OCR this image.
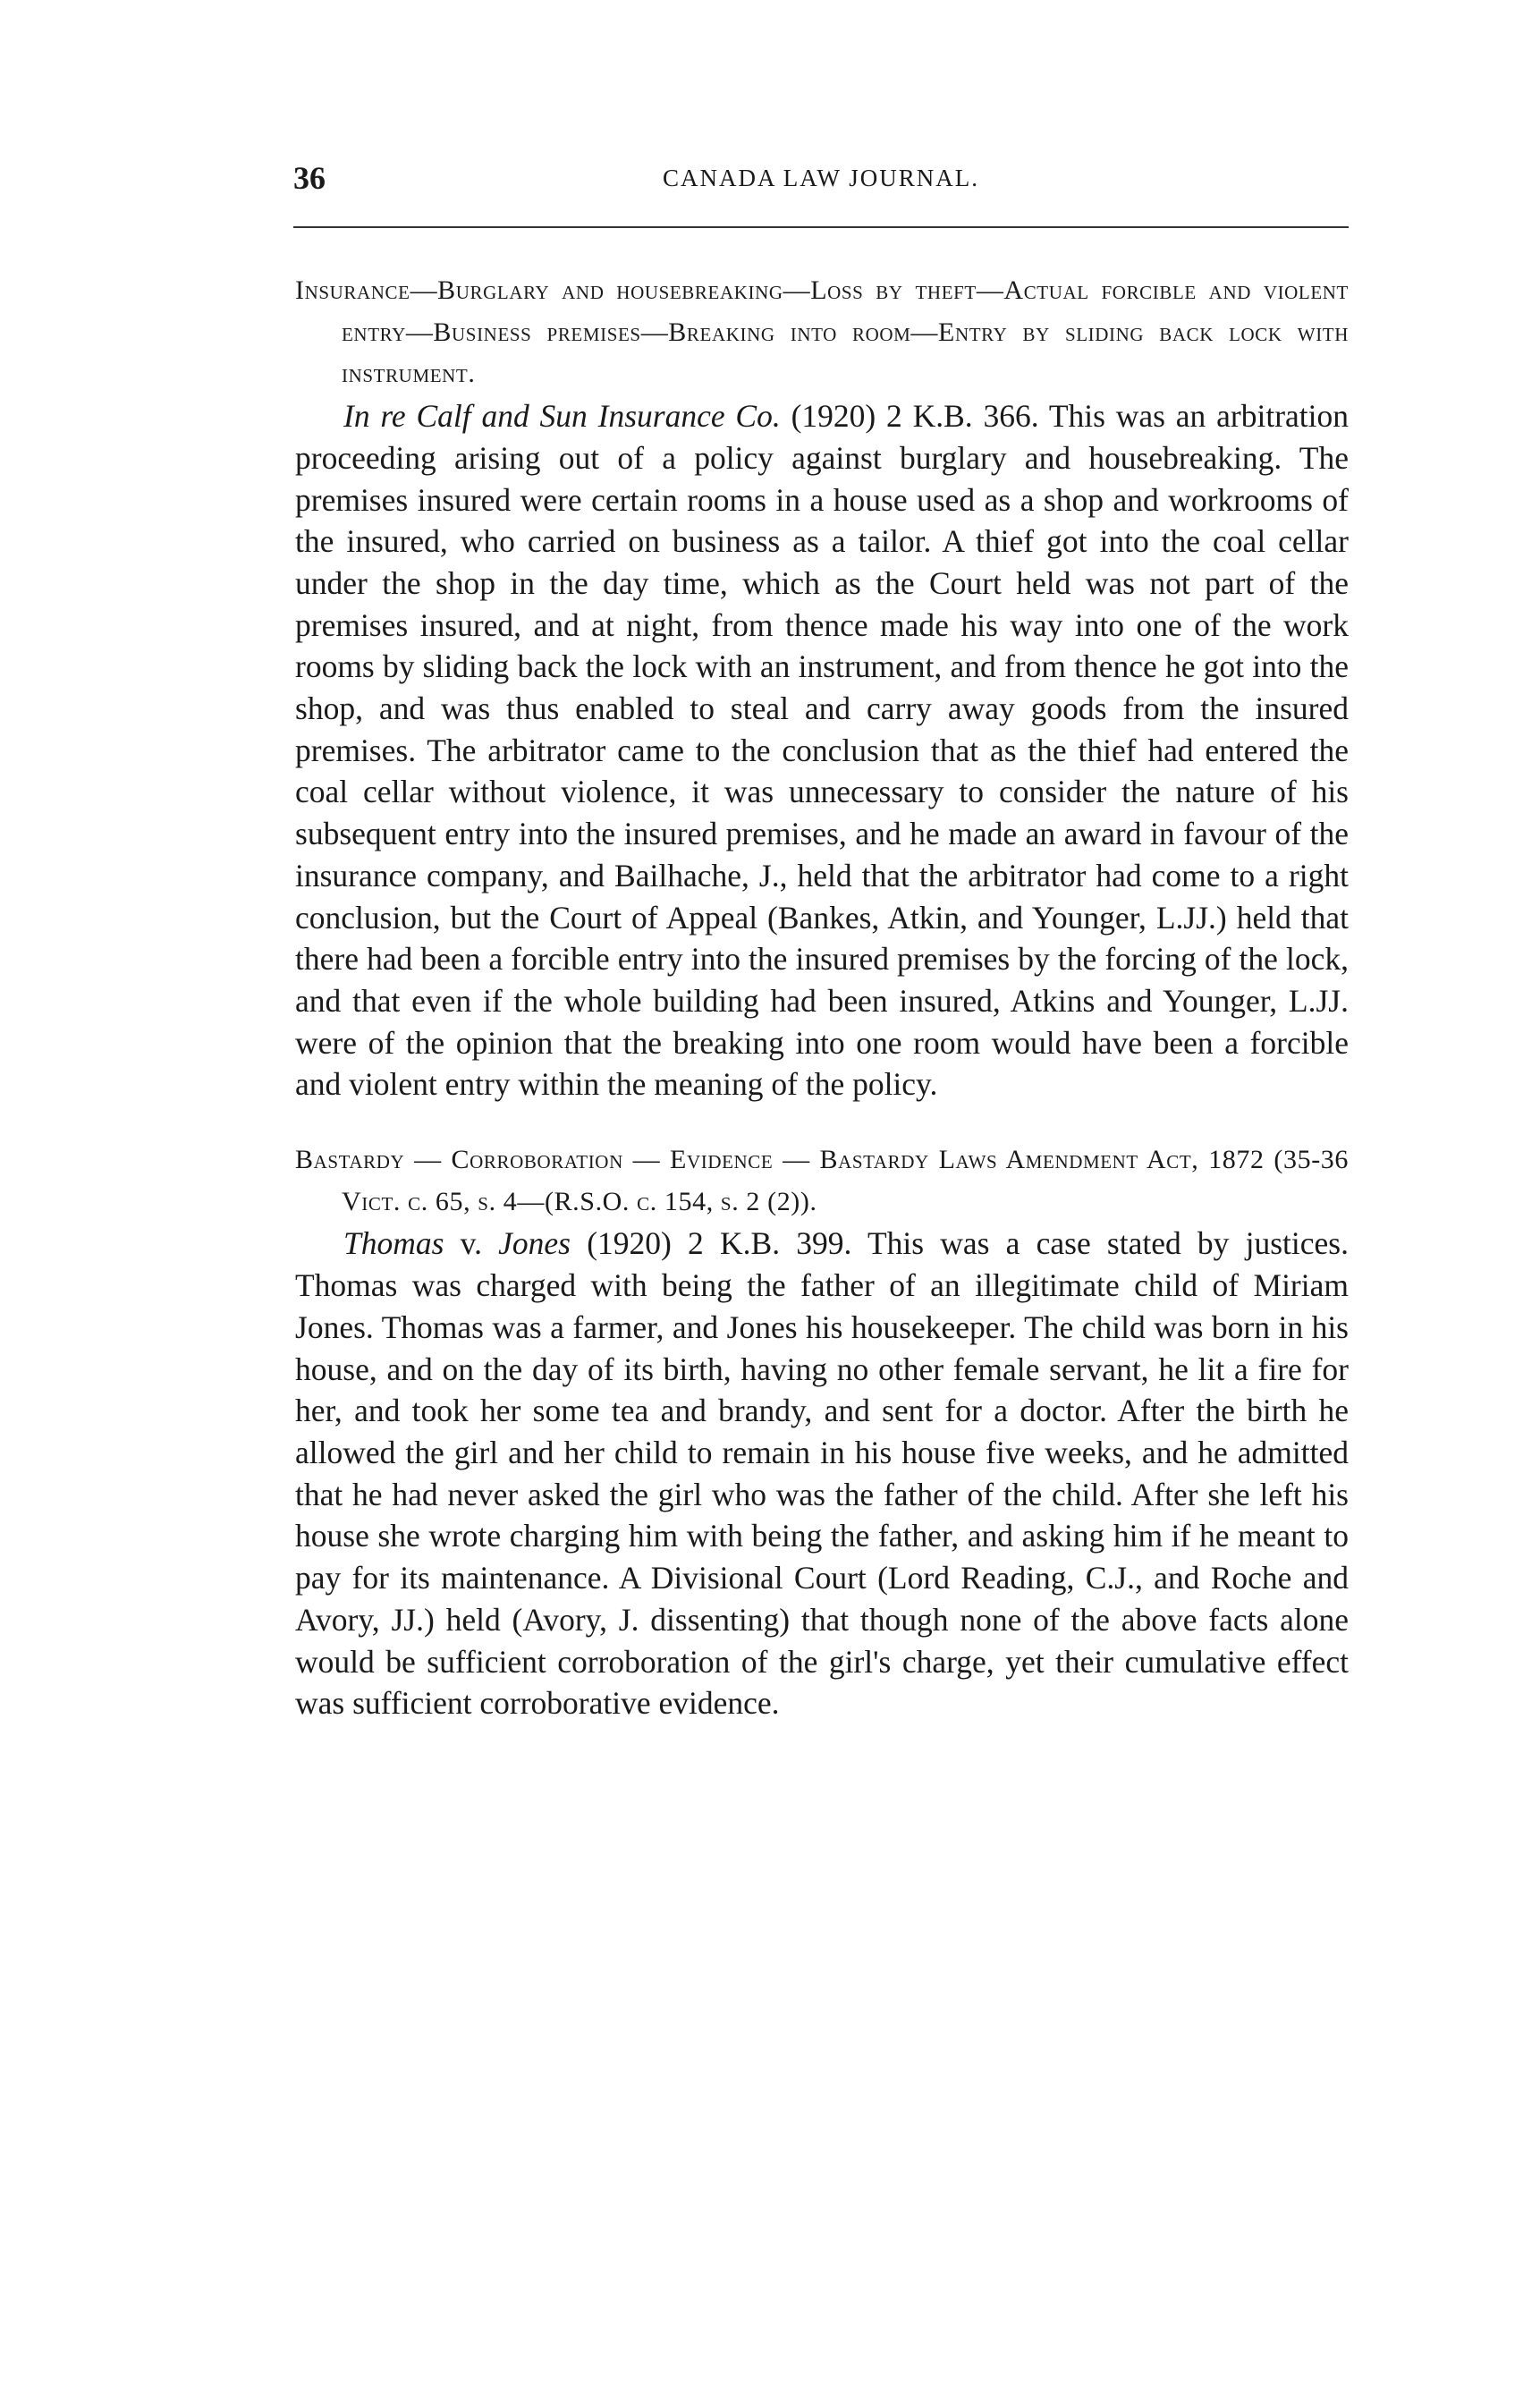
36	CANADA LAW JOURNAL.

Insurance—Burglary and housebreaking—Loss by theft—Actual forcible and violent entry—Business premises—Breaking into room—Entry by sliding back lock with instrument.

In re Calf and Sun Insurance Co. (1920) 2 K.B. 366. This was an arbitration proceeding arising out of a policy against burglary and housebreaking. The premises insured were certain rooms in a house used as a shop and workrooms of the insured, who carried on business as a tailor. A thief got into the coal cellar under the shop in the day time, which as the Court held was not part of the premises insured, and at night, from thence made his way into one of the work rooms by sliding back the lock with an instrument, and from thence he got into the shop, and was thus enabled to steal and carry away goods from the insured premises. The arbitrator came to the conclusion that as the thief had entered the coal cellar without violence, it was unnecessary to consider the nature of his subsequent entry into the insured premises, and he made an award in favour of the insurance company, and Bailhache, J., held that the arbitrator had come to a right conclusion, but the Court of Appeal (Bankes, Atkin, and Younger, L.JJ.) held that there had been a forcible entry into the insured premises by the forcing of the lock, and that even if the whole building had been insured, Atkins and Younger, L.JJ. were of the opinion that the breaking into one room would have been a forcible and violent entry within the meaning of the policy.

Bastardy — Corroboration — Evidence — Bastardy Laws Amendment Act, 1872 (35-36 Vict. c. 65, s. 4—(R.S.O. c. 154, s. 2 (2)).

Thomas v. Jones (1920) 2 K.B. 399. This was a case stated by justices. Thomas was charged with being the father of an illegitimate child of Miriam Jones. Thomas was a farmer, and Jones his housekeeper. The child was born in his house, and on the day of its birth, having no other female servant, he lit a fire for her, and took her some tea and brandy, and sent for a doctor. After the birth he allowed the girl and her child to remain in his house five weeks, and he admitted that he had never asked the girl who was the father of the child. After she left his house she wrote charging him with being the father, and asking him if he meant to pay for its maintenance. A Divisional Court (Lord Reading, C.J., and Roche and Avory, JJ.) held (Avory, J. dissenting) that though none of the above facts alone would be sufficient corroboration of the girl's charge, yet their cumulative effect was sufficient corroborative evidence.
